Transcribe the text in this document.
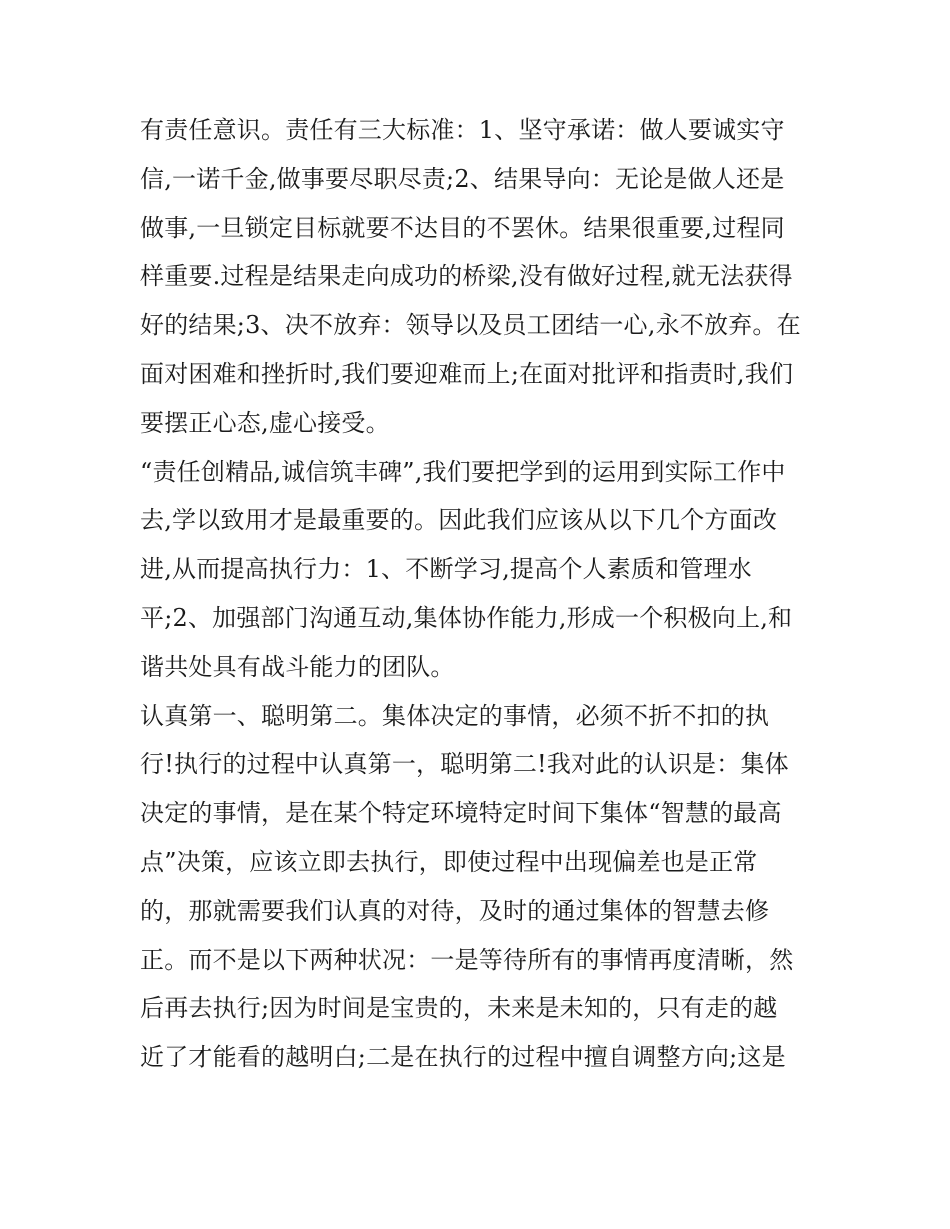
有责任意识。责任有三大标准：1、坚守承诺：做人要诚实守
信,一诺千金,做事要尽职尽责;2、结果导向：无论是做人还是
做事,一旦锁定目标就要不达目的不罢休。结果很重要,过程同
样重要.过程是结果走向成功的桥梁,没有做好过程,就无法获得
好的结果;3、决不放弃：领导以及员工团结一心,永不放弃。在
面对困难和挫折时,我们要迎难而上;在面对批评和指责时,我们
要摆正心态,虚心接受。
“责任创精品,诚信筑丰碑”,我们要把学到的运用到实际工作中
去,学以致用才是最重要的。因此我们应该从以下几个方面改
进,从而提高执行力：1、不断学习,提高个人素质和管理水
平;2、加强部门沟通互动,集体协作能力,形成一个积极向上,和
谐共处具有战斗能力的团队。
认真第一、聪明第二。集体决定的事情，必须不折不扣的执
行!执行的过程中认真第一，聪明第二!我对此的认识是：集体
决定的事情，是在某个特定环境特定时间下集体“智慧的最高
点”决策，应该立即去执行，即使过程中出现偏差也是正常
的，那就需要我们认真的对待，及时的通过集体的智慧去修
正。而不是以下两种状况：一是等待所有的事情再度清晰，然
后再去执行;因为时间是宝贵的，未来是未知的，只有走的越
近了才能看的越明白;二是在执行的过程中擅自调整方向;这是
